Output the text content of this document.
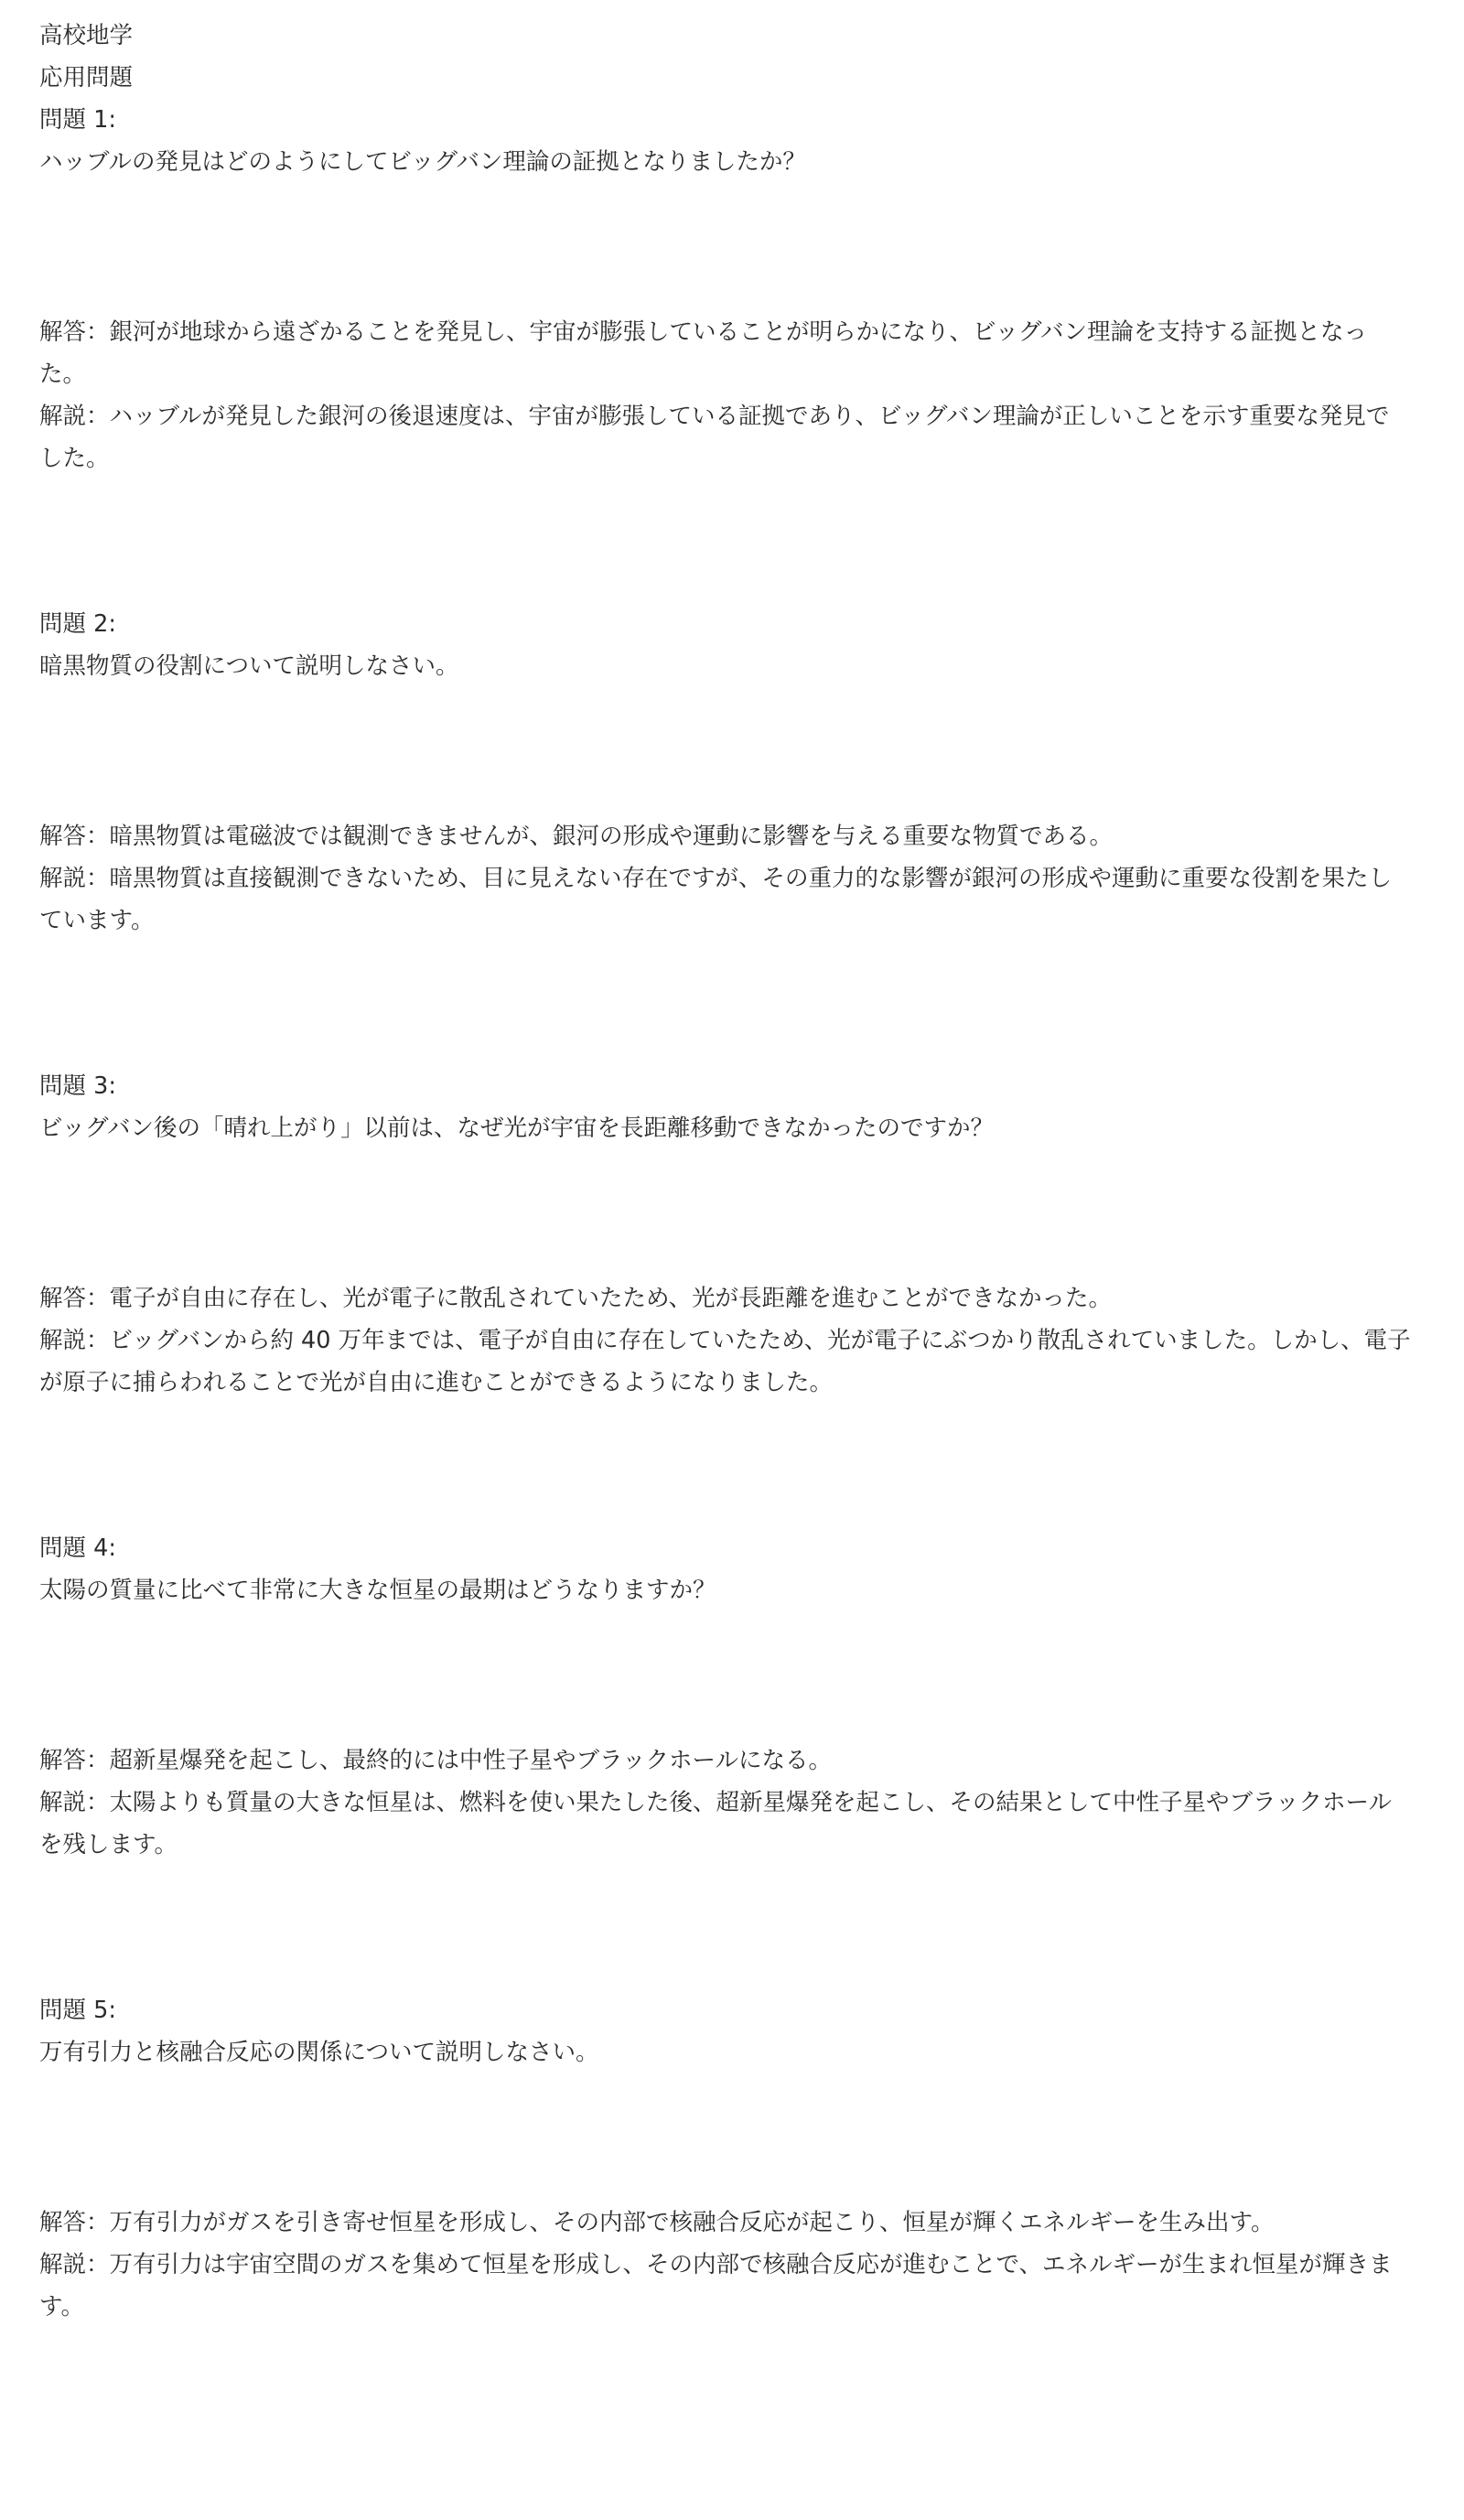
高校地学
応用問題
問題 1:
ハッブルの発見はどのようにしてビッグバン理論の証拠となりましたか？
解答：銀河が地球から遠ざかることを発見し、宇宙が膨張していることが明らかになり、ビッグバン理論を支持する証拠となった。
解説：ハッブルが発見した銀河の後退速度は、宇宙が膨張している証拠であり、ビッグバン理論が正しいことを示す重要な発見でした。
問題 2:
暗黒物質の役割について説明しなさい。
解答：暗黒物質は電磁波では観測できませんが、銀河の形成や運動に影響を与える重要な物質である。
解説：暗黒物質は直接観測できないため、目に見えない存在ですが、その重力的な影響が銀河の形成や運動に重要な役割を果たしています。
問題 3:
ビッグバン後の「晴れ上がり」以前は、なぜ光が宇宙を長距離移動できなかったのですか？
解答：電子が自由に存在し、光が電子に散乱されていたため、光が長距離を進むことができなかった。
解説：ビッグバンから約 40 万年までは、電子が自由に存在していたため、光が電子にぶつかり散乱されていました。しかし、電子が原子に捕らわれることで光が自由に進むことができるようになりました。
問題 4:
太陽の質量に比べて非常に大きな恒星の最期はどうなりますか？
解答：超新星爆発を起こし、最終的には中性子星やブラックホールになる。
解説：太陽よりも質量の大きな恒星は、燃料を使い果たした後、超新星爆発を起こし、その結果として中性子星やブラックホールを残します。
問題 5:
万有引力と核融合反応の関係について説明しなさい。
解答：万有引力がガスを引き寄せ恒星を形成し、その内部で核融合反応が起こり、恒星が輝くエネルギーを生み出す。
解説：万有引力は宇宙空間のガスを集めて恒星を形成し、その内部で核融合反応が進むことで、エネルギーが生まれ恒星が輝きます。
